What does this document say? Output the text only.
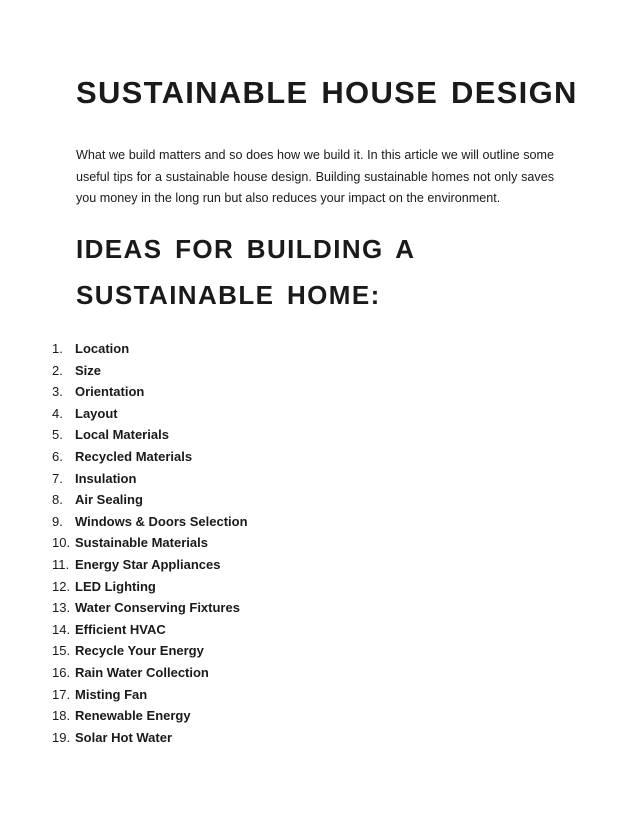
SUSTAINABLE HOUSE DESIGN

What we build matters and so does how we build it. In this article we will outline some useful tips for a sustainable house design. Building sustainable homes not only saves you money in the long run but also reduces your impact on the environment.

IDEAS FOR BUILDING A
SUSTAINABLE HOME:
1. Location
2. Size
3. Orientation
4. Layout
5. Local Materials
6. Recycled Materials
7. Insulation
8. Air Sealing
9. Windows & Doors Selection
10. Sustainable Materials
11. Energy Star Appliances
12. LED Lighting
13. Water Conserving Fixtures
14. Efficient HVAC
15. Recycle Your Energy
16. Rain Water Collection
17. Misting Fan
18. Renewable Energy
19. Solar Hot Water
